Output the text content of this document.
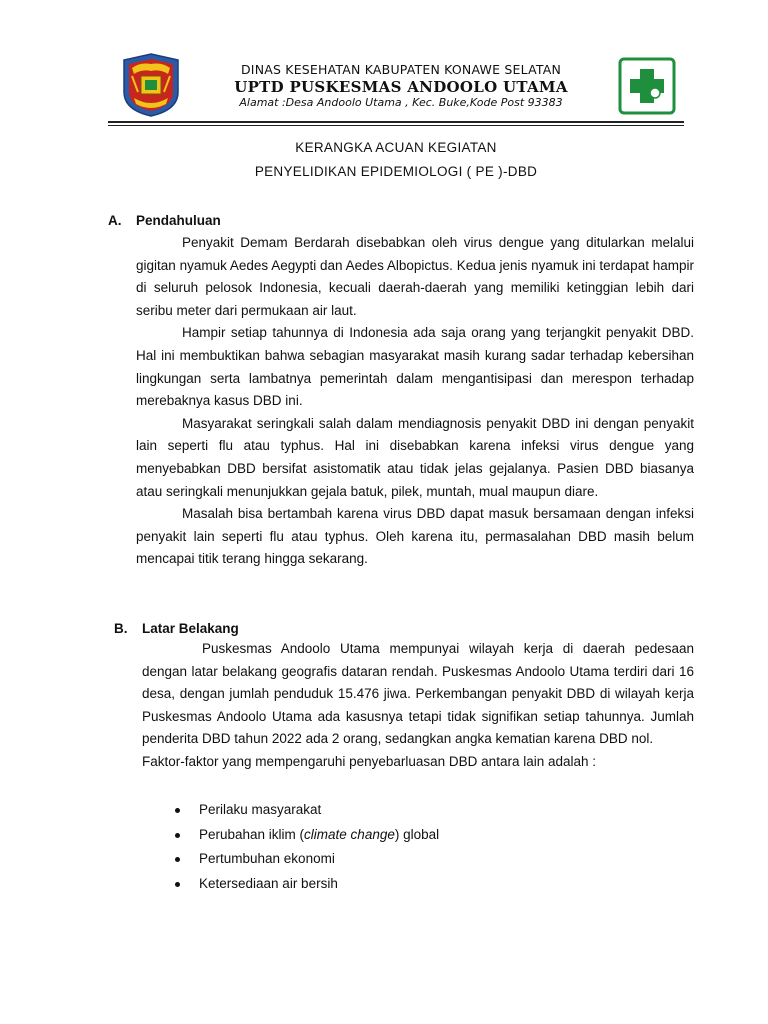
DINAS KESEHATAN KABUPATEN KONAWE SELATAN
UPTD PUSKESMAS ANDOOLO UTAMA
Alamat :Desa Andoolo Utama , Kec. Buke,Kode Post 93383
KERANGKA ACUAN KEGIATAN
PENYELIDIKAN EPIDEMIOLOGI ( PE )-DBD
A. Pendahuluan

Penyakit Demam Berdarah disebabkan oleh virus dengue yang ditularkan melalui gigitan nyamuk Aedes Aegypti dan Aedes Albopictus. Kedua jenis nyamuk ini terdapat hampir di seluruh pelosok Indonesia, kecuali daerah-daerah yang memiliki ketinggian lebih dari seribu meter dari permukaan air laut.

Hampir setiap tahunnya di Indonesia ada saja orang yang terjangkit penyakit DBD. Hal ini membuktikan bahwa sebagian masyarakat masih kurang sadar terhadap kebersihan lingkungan serta lambatnya pemerintah dalam mengantisipasi dan merespon terhadap merebaknya kasus DBD ini.

Masyarakat seringkali salah dalam mendiagnosis penyakit DBD ini dengan penyakit lain seperti flu atau typhus. Hal ini disebabkan karena infeksi virus dengue yang menyebabkan DBD bersifat asistomatik atau tidak jelas gejalanya. Pasien DBD biasanya atau seringkali menunjukkan gejala batuk, pilek, muntah, mual maupun diare.

Masalah bisa bertambah karena virus DBD dapat masuk bersamaan dengan infeksi penyakit lain seperti flu atau typhus. Oleh karena itu, permasalahan DBD masih belum mencapai titik terang hingga sekarang.

B. Latar Belakang

Puskesmas Andoolo Utama mempunyai wilayah kerja di daerah pedesaan dengan latar belakang geografis dataran rendah. Puskesmas Andoolo Utama terdiri dari 16 desa, dengan jumlah penduduk 15.476 jiwa. Perkembangan penyakit DBD di wilayah kerja Puskesmas Andoolo Utama ada kasusnya tetapi tidak signifikan setiap tahunnya. Jumlah penderita DBD tahun 2022 ada 2 orang, sedangkan angka kematian karena DBD nol.

Faktor-faktor yang mempengaruhi penyebarluasan DBD antara lain adalah :

Perilaku masyarakat
Perubahan iklim (climate change) global
Pertumbuhan ekonomi
Ketersediaan air bersih
